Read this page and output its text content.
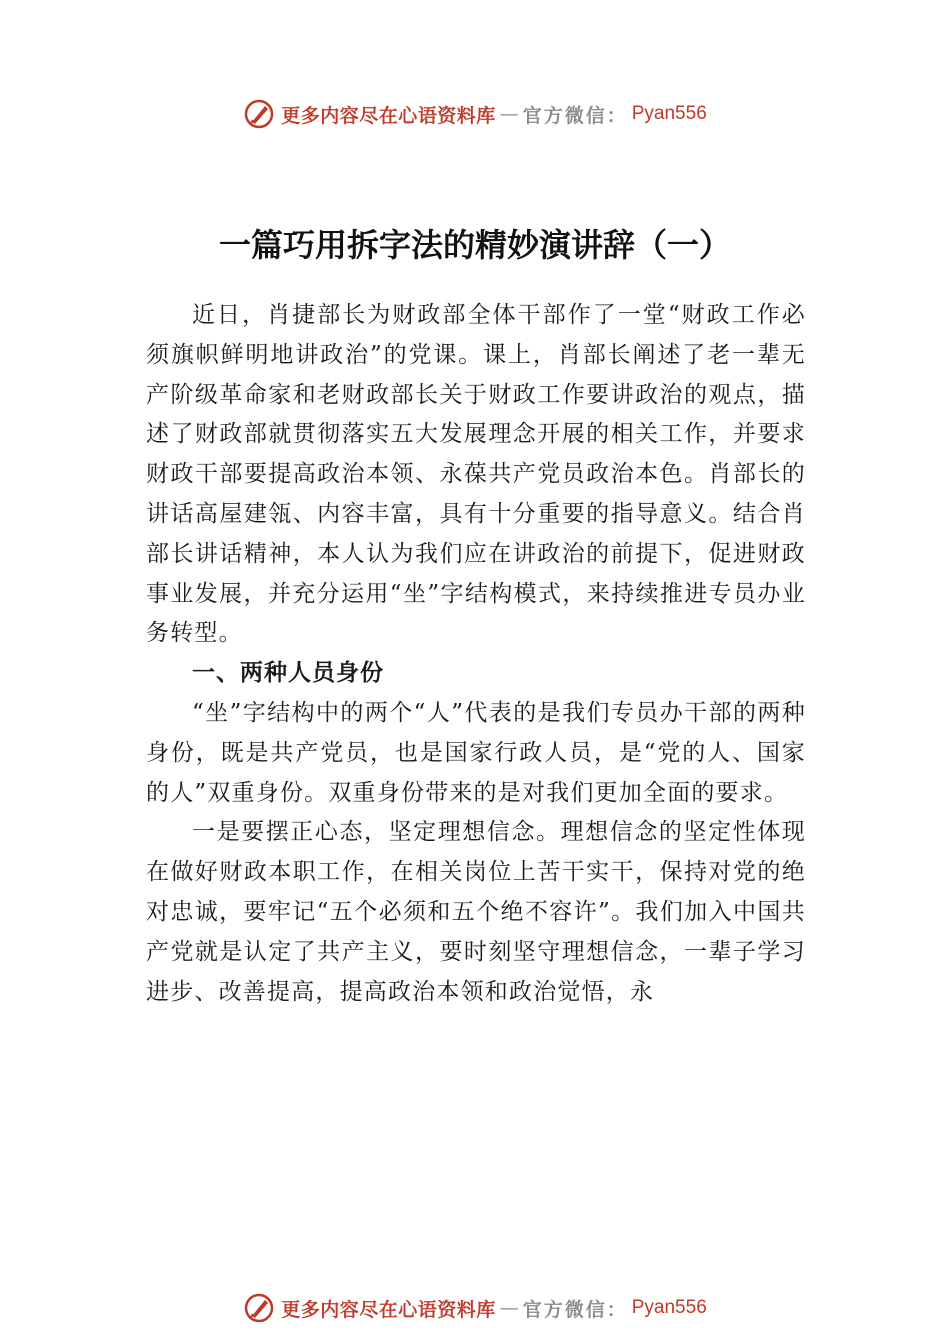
更多内容尽在心语资料库 — 官方微信： Pyan556
一篇巧用拆字法的精妙演讲辞（一）

近日，肖捷部长为财政部全体干部作了一堂“财政工作必须旗帜鲜明地讲政治”的党课。课上，肖部长阐述了老一辈无产阶级革命家和老财政部长关于财政工作要讲政治的观点，描述了财政部就贯彻落实五大发展理念开展的相关工作，并要求财政干部要提高政治本领、永葆共产党员政治本色。肖部长的讲话高屋建瓴、内容丰富，具有十分重要的指导意义。结合肖部长讲话精神，本人认为我们应在讲政治的前提下，促进财政事业发展，并充分运用“坐”字结构模式，来持续推进专员办业务转型。

一、两种人员身份

“坐”字结构中的两个“人”代表的是我们专员办干部的两种身份，既是共产党员，也是国家行政人员，是“党的人、国家的人”双重身份。双重身份带来的是对我们更加全面的要求。

一是要摆正心态，坚定理想信念。理想信念的坚定性体现在做好财政本职工作，在相关岗位上苦干实干，保持对党的绝对忠诚，要牢记“五个必须和五个绝不容许”。我们加入中国共产党就是认定了共产主义，要时刻坚守理想信念，一辈子学习进步、改善提高，提高政治本领和政治觉悟，永

更多内容尽在心语资料库 — 官方微信： Pyan556
